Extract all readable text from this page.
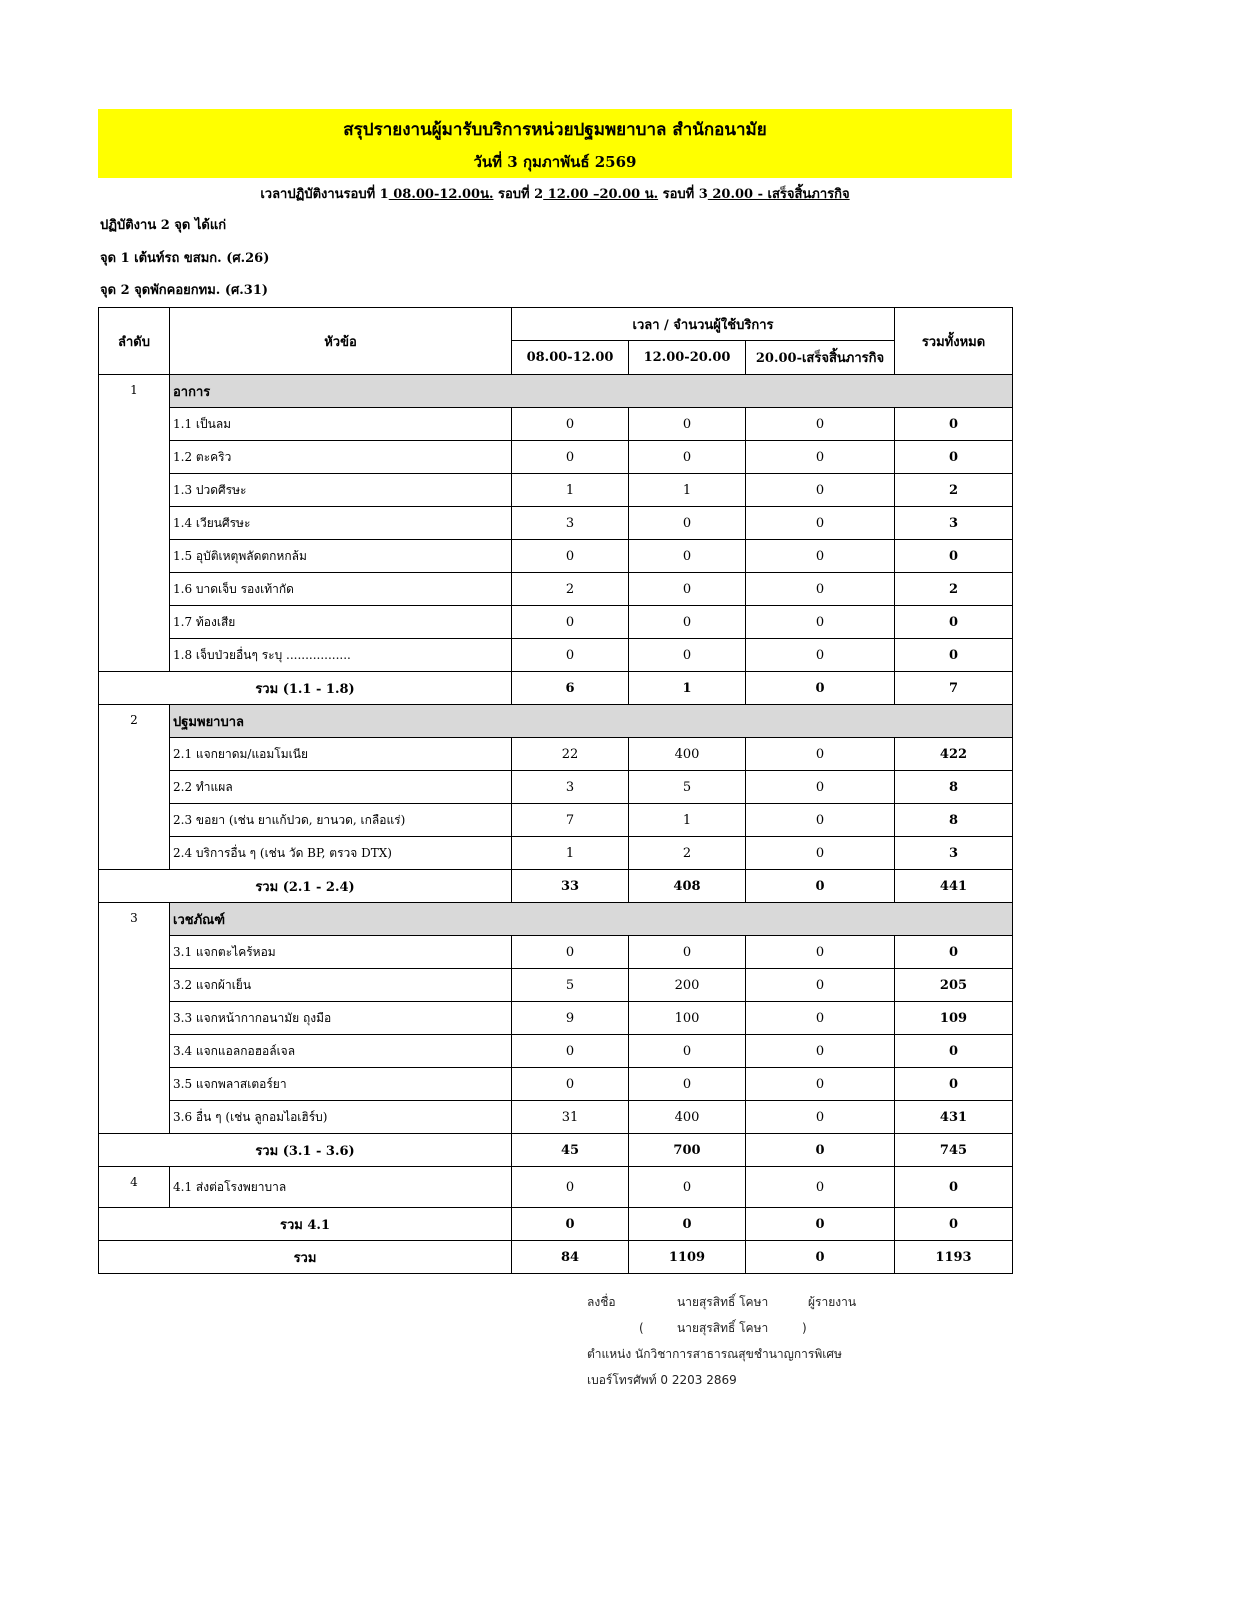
สรุปรายงานผู้มารับบริการหน่วยปฐมพยาบาล สำนักอนามัย
วันที่ 3 กุมภาพันธ์ 2569
เวลาปฏิบัติงานรอบที่ 1 08.00-12.00น. รอบที่ 2 12.00 –20.00 น. รอบที่ 3 20.00 - เสร็จสิ้นภารกิจ
ปฏิบัติงาน 2 จุด ได้แก่
จุด 1 เต้นท์รถ ขสมก. (ศ.26)
จุด 2 จุดพักคอยกทม. (ศ.31)
ลำดับ	หัวข้อ	เวลา / จำนวนผู้ใช้บริการ			รวมทั้งหมด
		08.00-12.00	12.00-20.00	20.00-เสร็จสิ้นภารกิจ	
1	อาการ				
	1.1 เป็นลม	0	0	0	0
	1.2 ตะคริว	0	0	0	0
	1.3 ปวดศีรษะ	1	1	0	2
	1.4 เวียนศีรษะ	3	0	0	3
	1.5 อุบัติเหตุพลัดตกหกล้ม	0	0	0	0
	1.6 บาดเจ็บ รองเท้ากัด	2	0	0	2
	1.7 ท้องเสีย	0	0	0	0
	1.8 เจ็บป่วยอื่นๆ ระบุ .................	0	0	0	0
รวม (1.1 - 1.8)		6	1	0	7
2	ปฐมพยาบาล				
	2.1 แจกยาดม/แอมโมเนีย	22	400	0	422
	2.2 ทำแผล	3	5	0	8
	2.3 ขอยา (เช่น ยาแก้ปวด, ยานวด, เกลือแร่)	7	1	0	8
	2.4 บริการอื่น ๆ (เช่น วัด BP, ตรวจ DTX)	1	2	0	3
รวม (2.1 - 2.4)		33	408	0	441
3	เวชภัณฑ์				
	3.1 แจกตะไคร้หอม	0	0	0	0
	3.2 แจกผ้าเย็น	5	200	0	205
	3.3 แจกหน้ากากอนามัย ถุงมือ	9	100	0	109
	3.4 แจกแอลกอฮอล์เจล	0	0	0	0
	3.5 แจกพลาสเตอร์ยา	0	0	0	0
	3.6 อื่น ๆ (เช่น ลูกอมไอเฮิร์บ)	31	400	0	431
รวม (3.1 - 3.6)		45	700	0	745
4	4.1 ส่งต่อโรงพยาบาล	0	0	0	0
รวม 4.1		0	0	0	0
รวม		84	1109	0	1193
ลงชื่อ	นายสุรสิทธิ์ โคษา	ผู้รายงาน
(	นายสุรสิทธิ์ โคษา	)
ตำแหน่ง นักวิชาการสาธารณสุขชำนาญการพิเศษ
เบอร์โทรศัพท์ 0 2203 2869
